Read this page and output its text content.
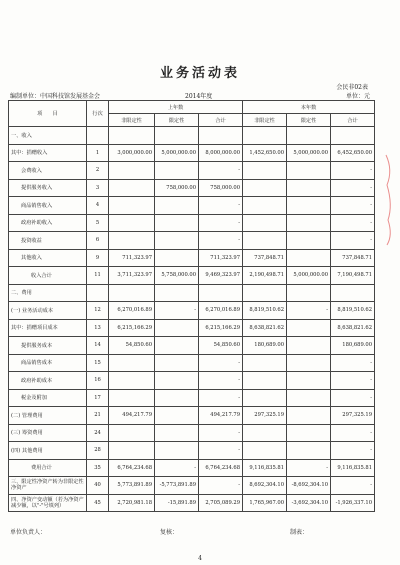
业务活动表
会民非02表
编制单位：中国科技馆发展基金会	2014年度	单位：元
项　　目	行次	上年数			本年数		
		非限定性	限定性	合计	非限定性	限定性	合计
一、收入							
其中：捐赠收入	1	3,000,000.00	5,000,000.00	8,000,000.00	1,452,650.00	5,000,000.00	6,452,650.00
会费收入	2			-			-
提供服务收入	3		758,000.00	758,000.00			-
商品销售收入	4			-			-
政府补助收入	5			-			-
投资收益	6			-			-
其他收入	9	711,323.97		711,323.97	737,848.71		737,848.71
收入合计	11	3,711,323.97	5,758,000.00	9,469,323.97	2,190,498.71	5,000,000.00	7,190,498.71
二、费用							
(一) 业务活动成本	12	6,270,016.89	-	6,270,016.89	8,819,510.62	-	8,819,510.62
其中：捐赠项目成本	13	6,215,166.29		6,215,166.29	8,638,821.62		8,638,821.62
提供服务成本	14	54,850.60		54,850.60	180,689.00		180,689.00
商品销售成本	15			-			-
政府补助成本	16			-			-
税金及附加	17			-			-
(二) 管理费用	21	494,217.79		494,217.79	297,325.19		297,325.19
(三) 筹资费用	24			-			-
(四) 其他费用	28			-			-
费用合计	35	6,764,234.68	-	6,764,234.68	9,116,835.81	-	9,116,835.81
三、限定性净资产转为非限定性净资产	40	5,773,891.89	-5,773,891.89	-	8,692,304.10	-8,692,304.10	-
四、净资产变动额（若为净资产减少额，以"-"号填列）	45	2,720,981.18	-15,891.89	2,705,089.29	1,765,967.00	-3,692,304.10	-1,926,337.10
单位负责人：	复核：	制表：
4
